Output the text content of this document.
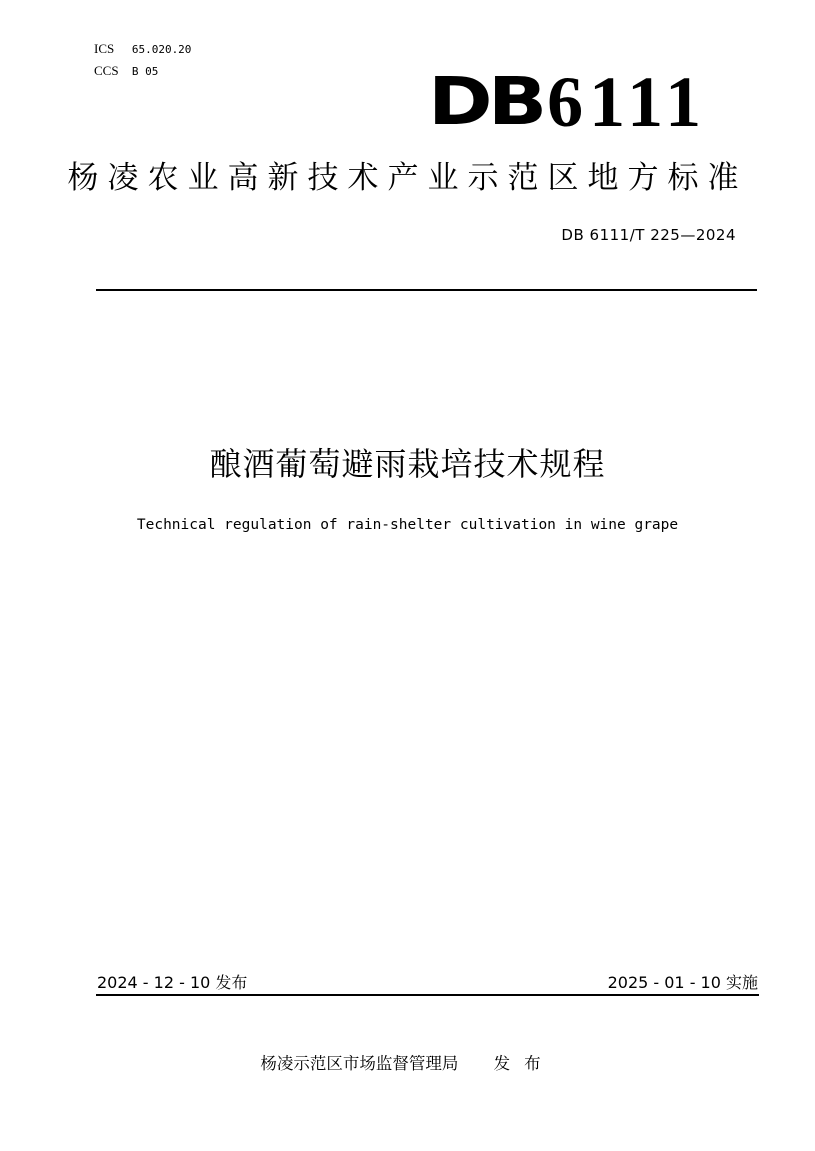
ICS 65.020.20
CCS B 05	DB 6111
杨凌农业高新技术产业示范区地方标准
DB 6111/T 225—2024
酿酒葡萄避雨栽培技术规程
Technical regulation of rain-shelter cultivation in wine grape
2024 - 12 - 10 发布	2025 - 01 - 10 实施
杨凌示范区市场监督管理局 发布
